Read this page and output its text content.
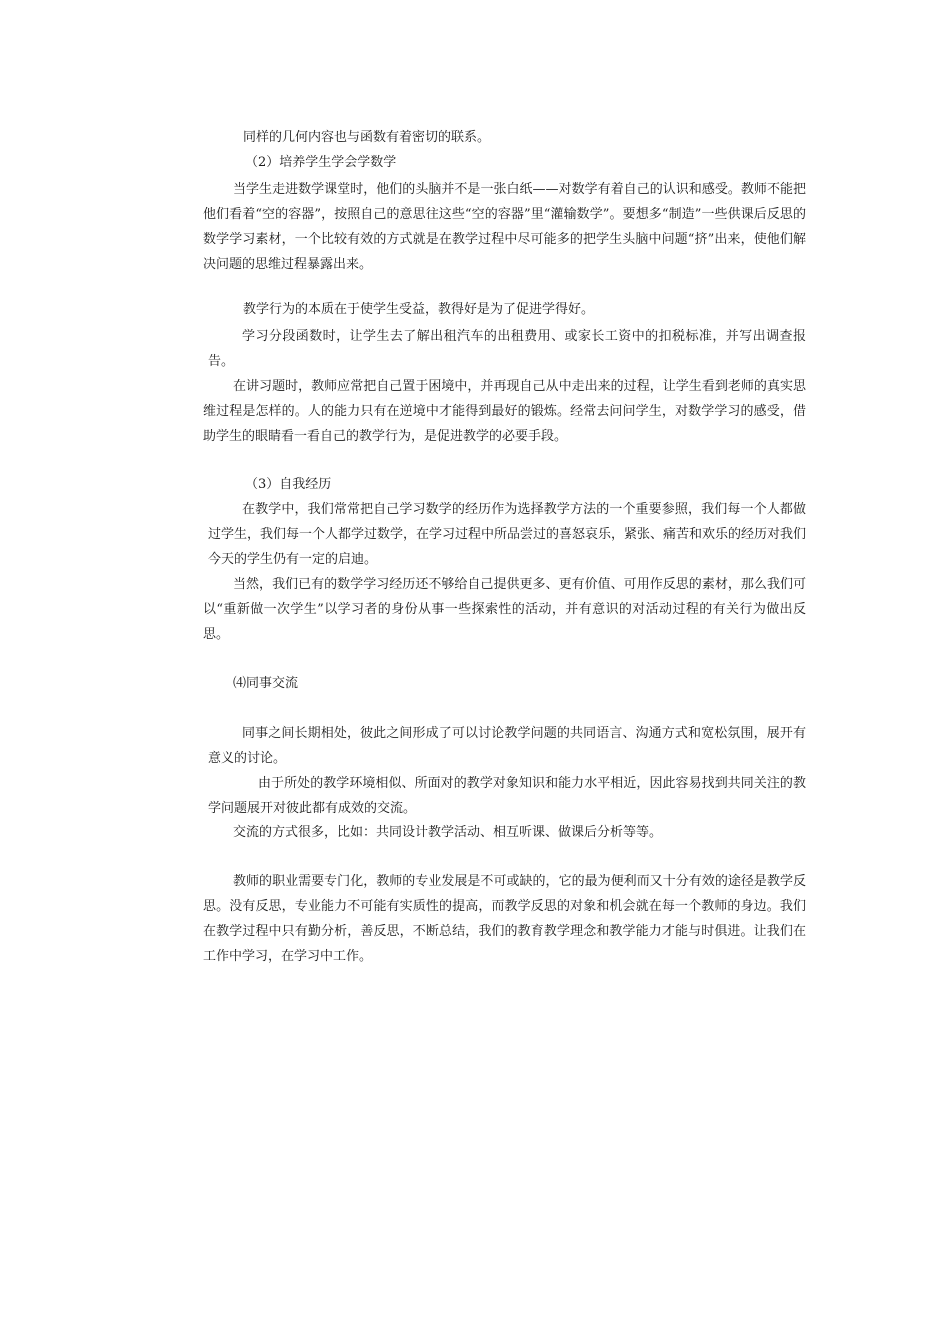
同样的几何内容也与函数有着密切的联系。

（2）培养学生学会学数学

当学生走进数学课堂时，他们的头脑并不是一张白纸——对数学有着自己的认识和感受。教师不能把他们看着“空的容器”，按照自己的意思往这些“空的容器”里“灌输数学”。要想多“制造”一些供课后反思的数学学习素材，一个比较有效的方式就是在教学过程中尽可能多的把学生头脑中问题“挤”出来，使他们解决问题的思维过程暴露出来。

教学行为的本质在于使学生受益，教得好是为了促进学得好。

学习分段函数时，让学生去了解出租汽车的出租费用、或家长工资中的扣税标准，并写出调查报告。

在讲习题时，教师应常把自己置于困境中，并再现自己从中走出来的过程，让学生看到老师的真实思维过程是怎样的。人的能力只有在逆境中才能得到最好的锻炼。经常去问问学生，对数学学习的感受，借助学生的眼睛看一看自己的教学行为，是促进教学的必要手段。

（3）自我经历

在教学中，我们常常把自己学习数学的经历作为选择教学方法的一个重要参照，我们每一个人都做过学生，我们每一个人都学过数学，在学习过程中所品尝过的喜怒哀乐，紧张、痛苦和欢乐的经历对我们今天的学生仍有一定的启迪。

当然，我们已有的数学学习经历还不够给自己提供更多、更有价值、可用作反思的素材，那么我们可以“重新做一次学生”以学习者的身份从事一些探索性的活动，并有意识的对活动过程的有关行为做出反思。

⑷同事交流

同事之间长期相处，彼此之间形成了可以讨论教学问题的共同语言、沟通方式和宽松氛围，展开有意义的讨论。

由于所处的教学环境相似、所面对的教学对象知识和能力水平相近，因此容易找到共同关注的教学问题展开对彼此都有成效的交流。

交流的方式很多，比如：共同设计教学活动、相互听课、做课后分析等等。

教师的职业需要专门化，教师的专业发展是不可或缺的，它的最为便利而又十分有效的途径是教学反思。没有反思，专业能力不可能有实质性的提高，而教学反思的对象和机会就在每一个教师的身边。我们在教学过程中只有勤分析，善反思，不断总结，我们的教育教学理念和教学能力才能与时俱进。让我们在工作中学习，在学习中工作。
